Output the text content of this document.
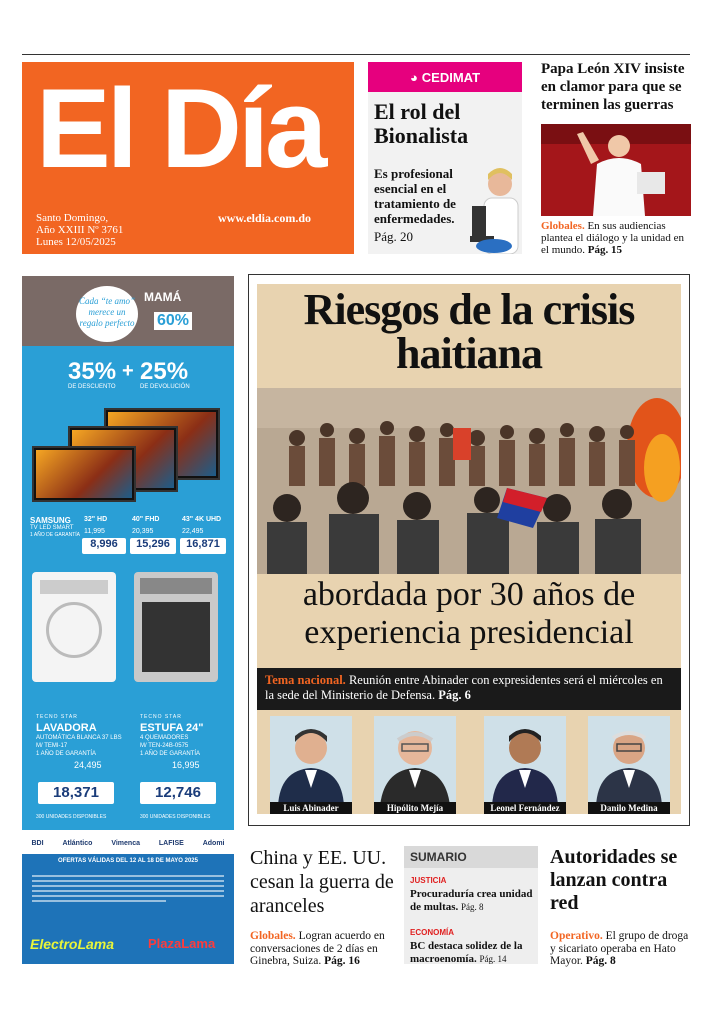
El Día
Santo Domingo,
Año XXIII Nº 3761
Lunes 12/05/2025
www.eldia.com.do
◕ CEDIMAT
El rol del Bionalista
Es profesional esencial en el tratamiento de enfermedades.
Pág. 20
Papa León XIV insiste en clamor para que se terminen las guerras
Globales. En sus audiencias plantea el diálogo y la unidad en el mundo. Pág. 15
Cada “te amo” merece un regalo perfecto
MAMÁ
60%
35%
DE DESCUENTO
+ 25%
DE DEVOLUCIÓN
SAMSUNG
TV LED SMART
1 AÑO DE GARANTÍA
32" HD
11,995
8,996
40" FHD
20,395
15,296
43" 4K UHD
22,495
16,871
TECNO STAR
LAVADORA
AUTOMÁTICA BLANCA 37 LBS
M/ TEMI-17
1 AÑO DE GARANTÍA
24,495
18,371
300 UNIDADES DISPONIBLES
TECNO STAR
ESTUFA 24"
4 QUEMADORES
M/ TEN-24B-0575
1 AÑO DE GARANTÍA
16,995
12,746
300 UNIDADES DISPONIBLES
BDI	Atlántico	Vimenca	LAFISE	Adomi
OFERTAS VÁLIDAS DEL 12 AL 18 DE MAYO 2025
ElectroLama	PlazaLama
Riesgos de la crisis haitiana
abordada por 30 años de experiencia presidencial
Tema nacional. Reunión entre Abinader con expresidentes será el miércoles en la sede del Ministerio de Defensa. Pág. 6
Luis Abinader	Hipólito Mejía	Leonel Fernández	Danilo Medina
China y EE. UU. cesan la guerra de aranceles
Globales. Logran acuerdo en conversaciones de 2 días en Ginebra, Suiza. Pág. 16
SUMARIO
JUSTICIA
Procuraduría crea unidad de multas. Pág. 8
ECONOMÍA
BC destaca solidez de la macroenomía. Pág. 14
Autoridades se lanzan contra red
Operativo. El grupo de droga y sicariato operaba en Hato Mayor. Pág. 8
